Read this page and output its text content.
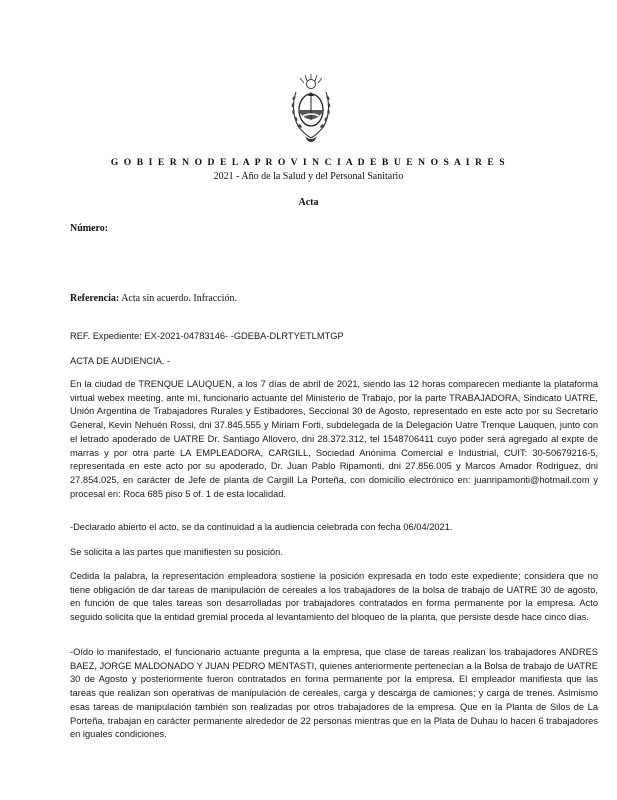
G O B I E R N O D E L A P R O V I N C I A D E B U E N O S A I R E S
2021 - Año de la Salud y del Personal Sanitario
Acta
Número:
Referencia: Acta sin acuerdo. Infracción.
REF. Expediente: EX-2021-04783146- -GDEBA-DLRTYETLMTGP
ACTA DE AUDIENCIA. -
En la ciudad de TRENQUE LAUQUEN, a los 7 días de abril de 2021, siendo las 12 horas comparecen mediante la plataforma virtual webex meeting, ante mí, funcionario actuante del Ministerio de Trabajo, por la parte TRABAJADORA, Sindicato UATRE, Unión Argentina de Trabajadores Rurales y Estibadores, Seccional 30 de Agosto, representado en este acto por su Secretario General, Kevin Nehuén Rossi, dni 37.845.555 y Miriam Forti, subdelegada de la Delegación Uatre Trenque Lauquen, junto con el letrado apoderado de UATRE Dr. Santiago Allovero, dni 28.372.312, tel 1548706411 cuyo poder será agregado al expte de marras y por otra parte LA EMPLEADORA, CARGILL, Sociedad Anónima Comercial e Industrial, CUIT: 30-50679216-5, representada en este acto por su apoderado, Dr. Juan Pablo Ripamonti, dni 27.856.005 y Marcos Amador Rodriguez, dni 27.854.025, en carácter de Jefe de planta de Cargill La Porteña, con domicilio electrónico en: juanripamonti@hotmail.com y procesal en: Roca 685 piso 5 of. 1 de esta localidad.
-Declarado abierto el acto, se da continuidad a la audiencia celebrada con fecha 06/04/2021.
Se solicita a las partes que manifiesten su posición.
Cedida la palabra, la representación empleadora sostiene la posición expresada en todo este expediente; considera que no tiene obligación de dar tareas de manipulación de cereales a los trabajadores de la bolsa de trabajo de UATRE 30 de agosto, en función de que tales tareas son desarrolladas por trabajadores contratados en forma permanente por la empresa. Acto seguido solicita que la entidad gremial proceda al levantamiento del bloqueo de la planta, que persiste desde hace cinco días.
-Oído lo manifestado, el funcionario actuante pregunta a la empresa, que clase de tareas realizan los trabajadores ANDRES BAEZ, JORGE MALDONADO Y JUAN PEDRO MENTASTI, quienes anteriormente pertenecían a la Bolsa de trabajo de UATRE 30 de Agosto y posteriormente fueron contratados en forma permanente por la empresa. El empleador manifiesta que las tareas que realizan son operativas de manipulación de cereales, carga y descarga de camiones; y carga de trenes. Asimismo esas tareas de manipulación también son realizadas por otros trabajadores de la empresa. Que en la Planta de Silos de La Porteña, trabajan en carácter permanente alrededor de 22 personas mientras que en la Plata de Duhau lo hacen 6 trabajadores en iguales condiciones.
